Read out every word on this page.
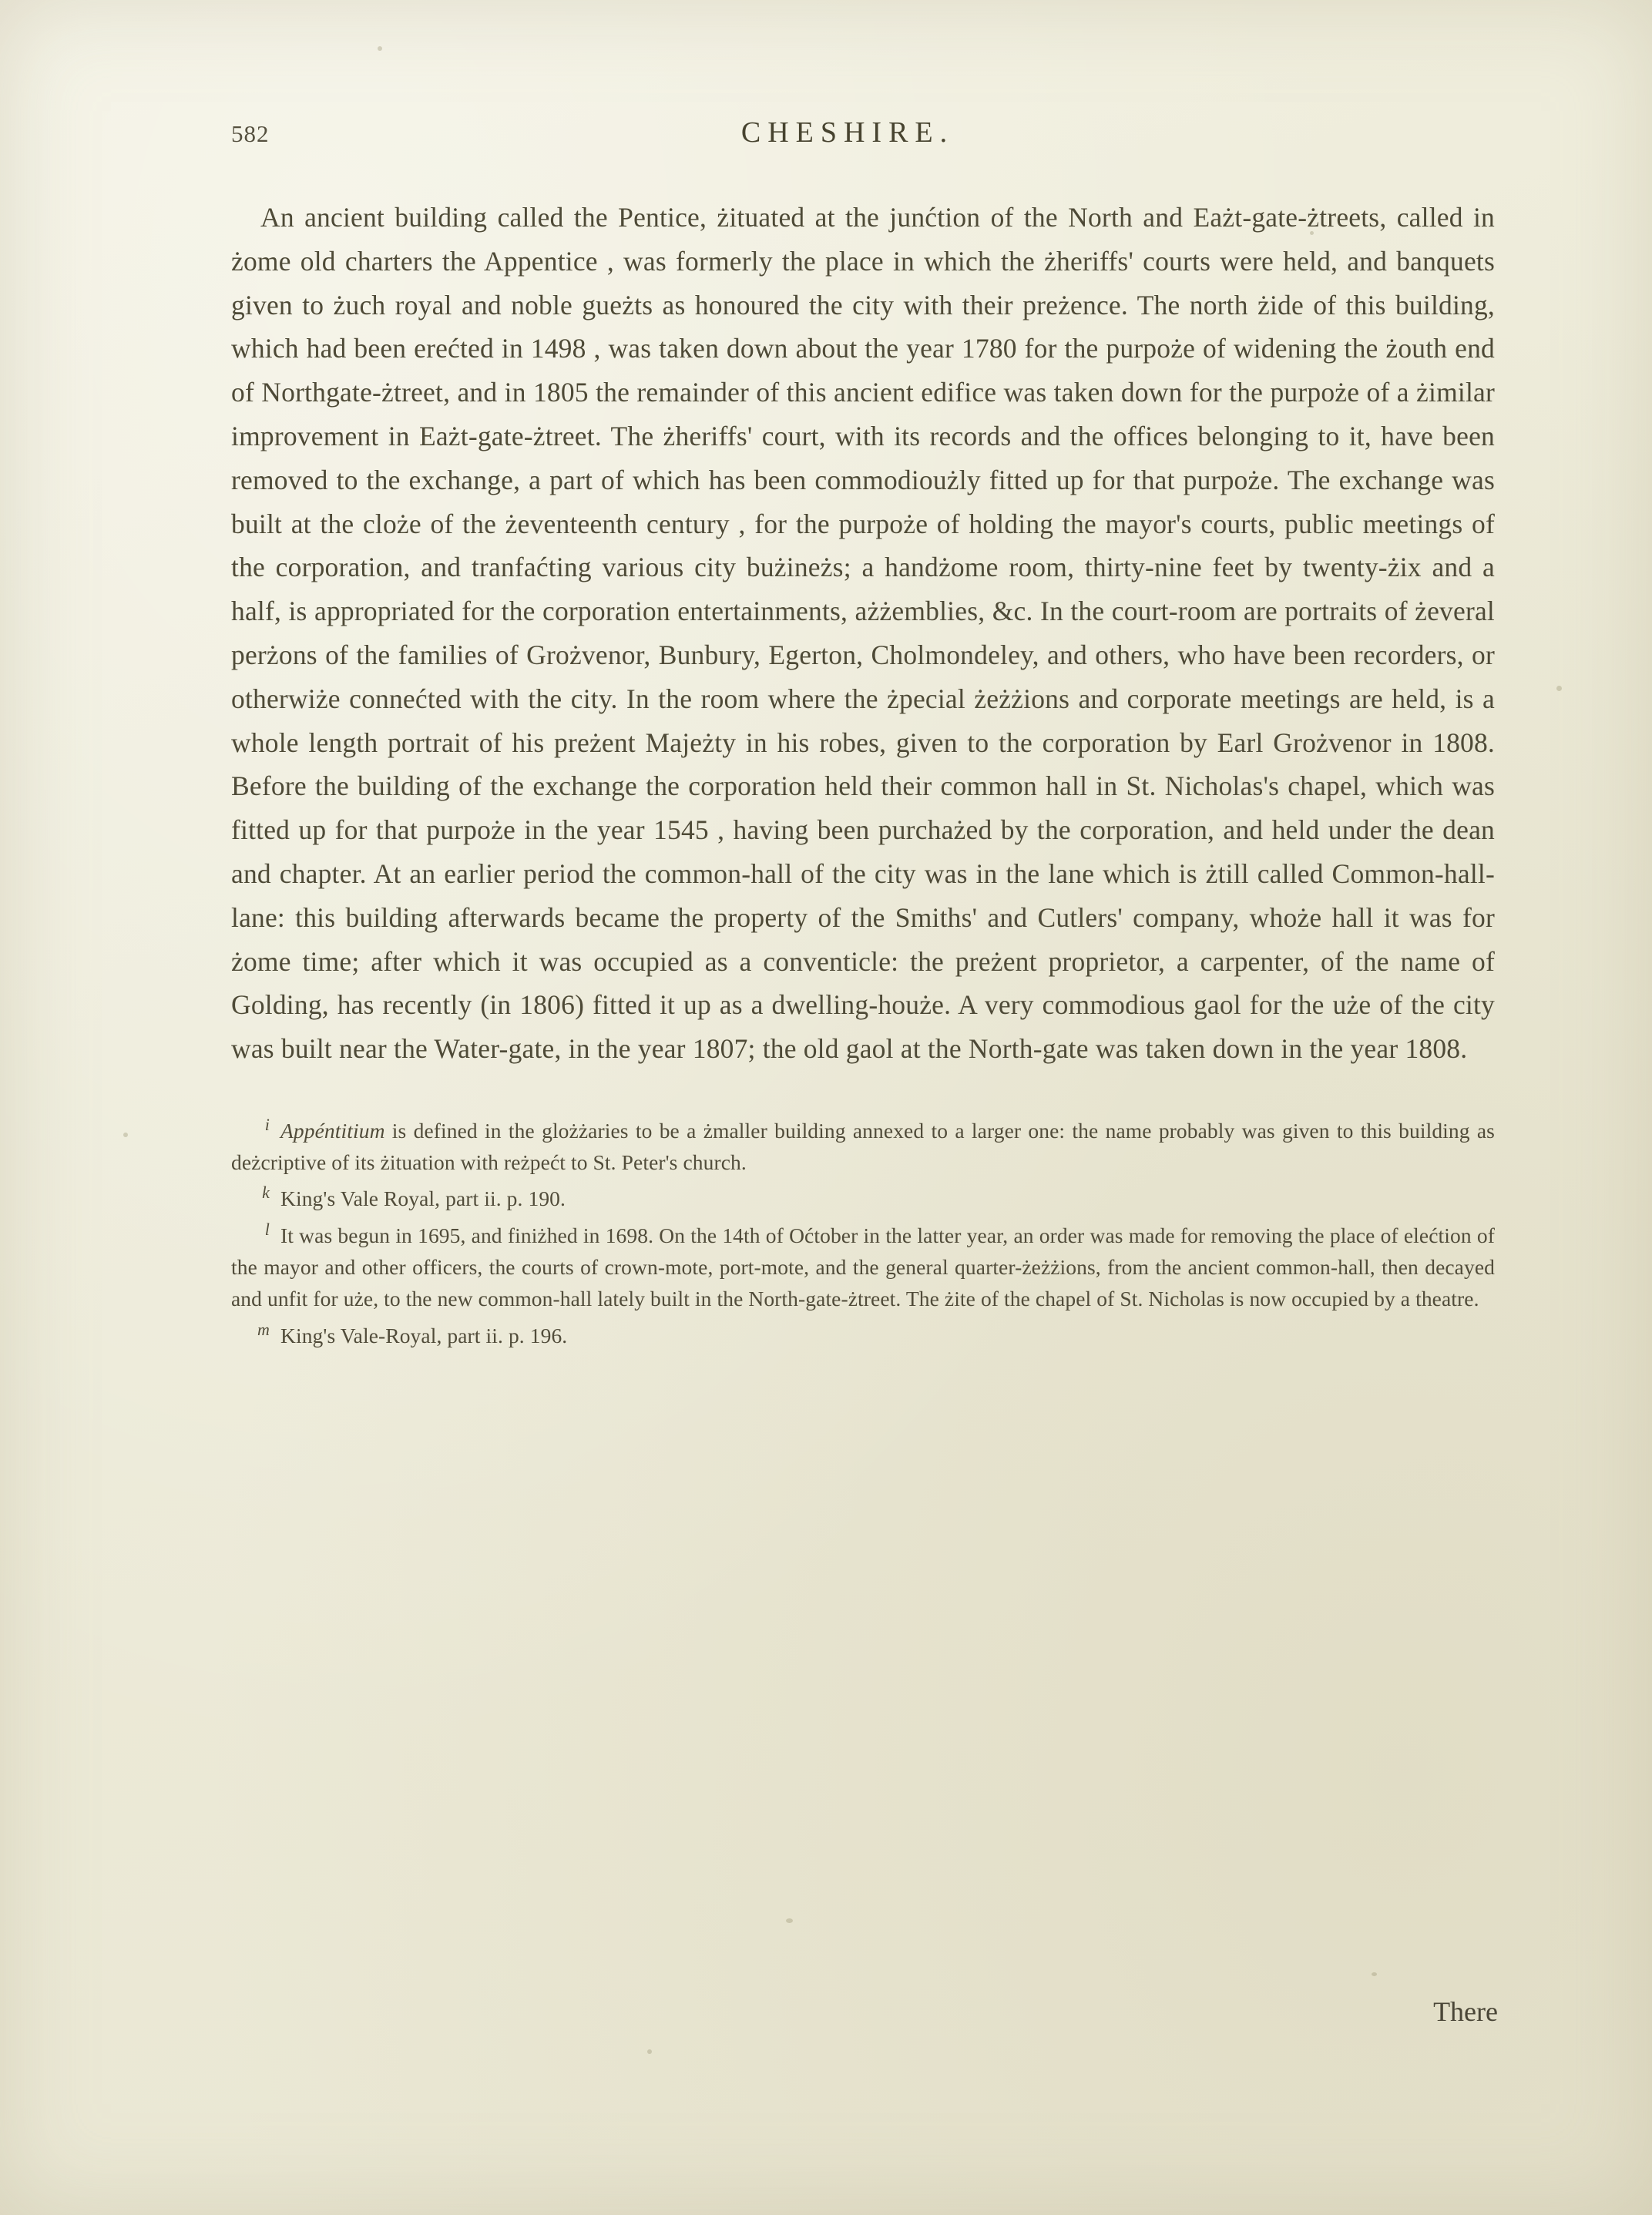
582	CHESHIRE.
An ancient building called the Pentice, żituated at the junćtion of the North and Eażt-gate-żtreets, called in żome old charters the Appentice , was formerly the place in which the żheriffs' courts were held, and banquets given to żuch royal and noble gueżts as honoured the city with their preżence. The north żide of this building, which had been erećted in 1498 , was taken down about the year 1780 for the purpoże of widening the żouth end of Northgate-żtreet, and in 1805 the remainder of this ancient edifice was taken down for the purpoże of a żimilar improvement in Eażt-gate-żtreet. The żheriffs' court, with its records and the offices belonging to it, have been removed to the exchange, a part of which has been commodioużly fitted up for that purpoże. The exchange was built at the cloże of the żeventeenth century , for the purpoże of holding the mayor's courts, public meetings of the corporation, and tranfaćting various city bużineżs; a handżome room, thirty-nine feet by twenty-żix and a half, is appropriated for the corporation entertainments, ażżemblies, &c. In the court-room are portraits of żeveral perżons of the families of Grożvenor, Bunbury, Egerton, Cholmondeley, and others, who have been recorders, or otherwiże connećted with the city. In the room where the żpecial żeżżions and corporate meetings are held, is a whole length portrait of his preżent Majeżty in his robes, given to the corporation by Earl Grożvenor in 1808. Before the building of the exchange the corporation held their common hall in St. Nicholas's chapel, which was fitted up for that purpoże in the year 1545 , having been purchażed by the corporation, and held under the dean and chapter. At an earlier period the common-hall of the city was in the lane which is żtill called Common-hall-lane: this building afterwards became the property of the Smiths' and Cutlers' company, whoże hall it was for żome time; after which it was occupied as a conventicle: the preżent proprietor, a carpenter, of the name of Golding, has recently (in 1806) fitted it up as a dwelling-houże. A very commodious gaol for the uże of the city was built near the Water-gate, in the year 1807; the old gaol at the North-gate was taken down in the year 1808.

i Appéntitium is defined in the glożżaries to be a żmaller building annexed to a larger one: the name probably was given to this building as deżcriptive of its żituation with reżpećt to St. Peter's church.

k King's Vale Royal, part ii. p. 190.

l It was begun in 1695, and finiżhed in 1698. On the 14th of Oćtober in the latter year, an order was made for removing the place of elećtion of the mayor and other officers, the courts of crown-mote, port-mote, and the general quarter-żeżżions, from the ancient common-hall, then decayed and unfit for uże, to the new common-hall lately built in the North-gate-żtreet. The żite of the chapel of St. Nicholas is now occupied by a theatre.

m King's Vale-Royal, part ii. p. 196.

There
